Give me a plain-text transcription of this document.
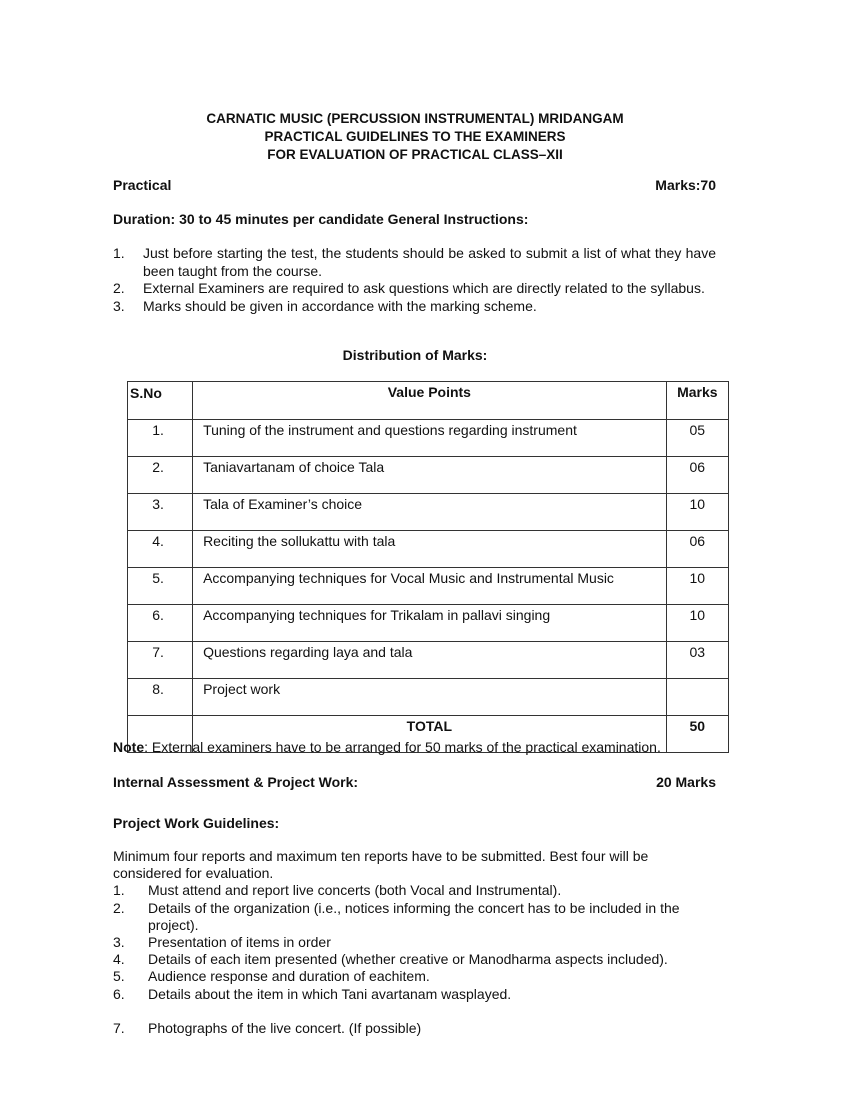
CARNATIC MUSIC (PERCUSSION INSTRUMENTAL) MRIDANGAM
PRACTICAL GUIDELINES TO THE EXAMINERS
FOR EVALUATION OF PRACTICAL CLASS–XII
Practical	Marks:70
Duration: 30 to 45 minutes per candidate General Instructions:
1. Just before starting the test, the students should be asked to submit a list of what they have been taught from the course.
2. External Examiners are required to ask questions which are directly related to the syllabus.
3. Marks should be given in accordance with the marking scheme.
Distribution of Marks:
S.No	Value Points	Marks
1.	Tuning of the instrument and questions regarding instrument	05
2.	Taniavartanam of choice Tala	06
3.	Tala of Examiner’s choice	10
4.	Reciting the sollukattu with tala	06
5.	Accompanying techniques for Vocal Music and Instrumental Music	10
6.	Accompanying techniques for Trikalam in pallavi singing	10
7.	Questions regarding laya and tala	03
8.	Project work	
	TOTAL	50
Note: External examiners have to be arranged for 50 marks of the practical examination.
Internal Assessment & Project Work:	20 Marks
Project Work Guidelines:

Minimum four reports and maximum ten reports have to be submitted. Best four will be considered for evaluation.

1. Must attend and report live concerts (both Vocal and Instrumental).
2. Details of the organization (i.e., notices informing the concert has to be included in the project).
3. Presentation of items in order
4. Details of each item presented (whether creative or Manodharma aspects included).
5. Audience response and duration of eachitem.
6. Details about the item in which Tani avartanam wasplayed.
7. Photographs of the live concert. (If possible)
